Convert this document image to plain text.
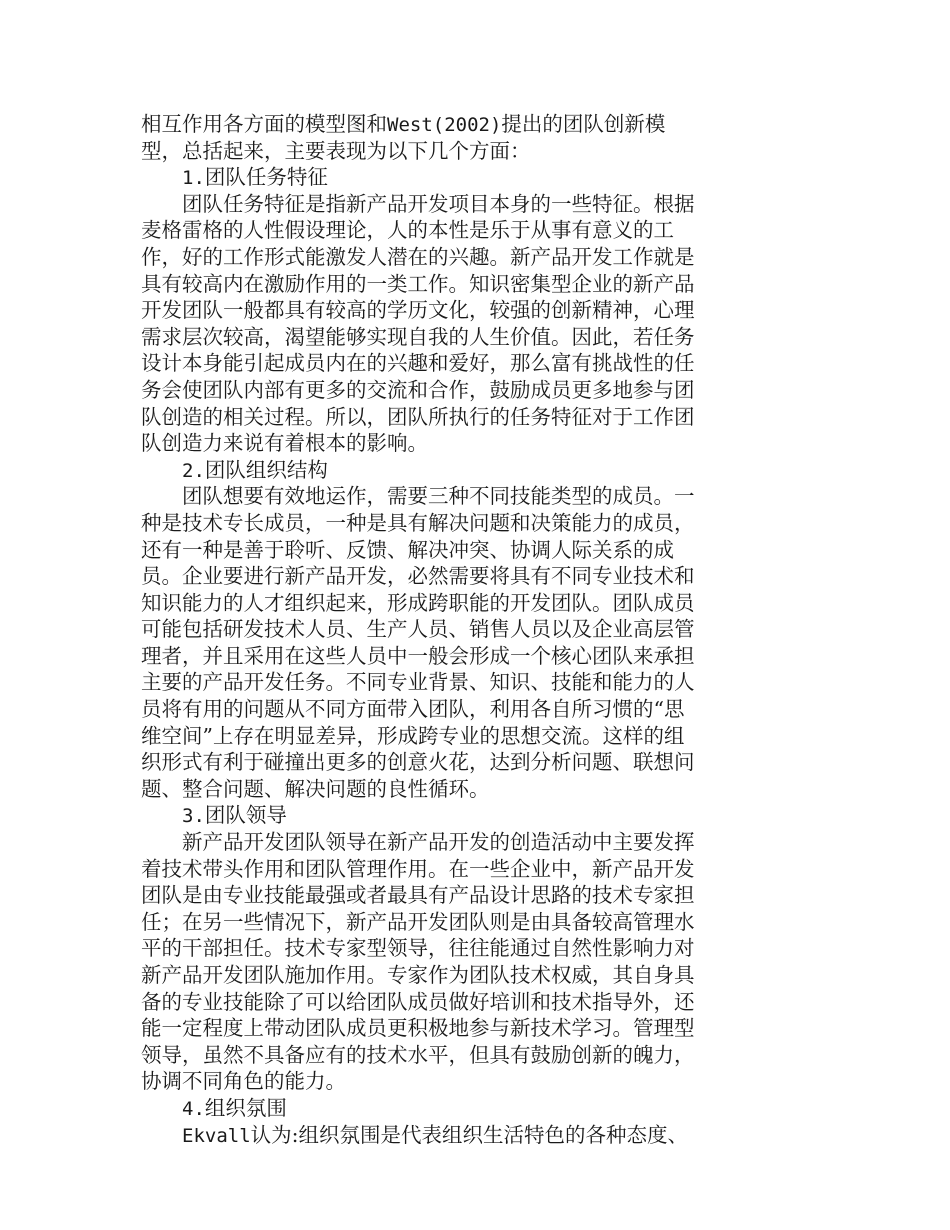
相互作用各方面的模型图和West(2002)提出的团队创新模
型，总括起来，主要表现为以下几个方面：
1.团队任务特征
团队任务特征是指新产品开发项目本身的一些特征。根据
麦格雷格的人性假设理论，人的本性是乐于从事有意义的工
作，好的工作形式能激发人潜在的兴趣。新产品开发工作就是
具有较高内在激励作用的一类工作。知识密集型企业的新产品
开发团队一般都具有较高的学历文化，较强的创新精神，心理
需求层次较高，渴望能够实现自我的人生价值。因此，若任务
设计本身能引起成员内在的兴趣和爱好，那么富有挑战性的任
务会使团队内部有更多的交流和合作，鼓励成员更多地参与团
队创造的相关过程。所以，团队所执行的任务特征对于工作团
队创造力来说有着根本的影响。
2.团队组织结构
团队想要有效地运作，需要三种不同技能类型的成员。一
种是技术专长成员，一种是具有解决问题和决策能力的成员，
还有一种是善于聆听、反馈、解决冲突、协调人际关系的成
员。企业要进行新产品开发，必然需要将具有不同专业技术和
知识能力的人才组织起来，形成跨职能的开发团队。团队成员
可能包括研发技术人员、生产人员、销售人员以及企业高层管
理者，并且采用在这些人员中一般会形成一个核心团队来承担
主要的产品开发任务。不同专业背景、知识、技能和能力的人
员将有用的问题从不同方面带入团队，利用各自所习惯的“思
维空间”上存在明显差异，形成跨专业的思想交流。这样的组
织形式有利于碰撞出更多的创意火花，达到分析问题、联想问
题、整合问题、解决问题的良性循环。
3.团队领导
新产品开发团队领导在新产品开发的创造活动中主要发挥
着技术带头作用和团队管理作用。在一些企业中，新产品开发
团队是由专业技能最强或者最具有产品设计思路的技术专家担
任；在另一些情况下，新产品开发团队则是由具备较高管理水
平的干部担任。技术专家型领导，往往能通过自然性影响力对
新产品开发团队施加作用。专家作为团队技术权威，其自身具
备的专业技能除了可以给团队成员做好培训和技术指导外，还
能一定程度上带动团队成员更积极地参与新技术学习。管理型
领导，虽然不具备应有的技术水平，但具有鼓励创新的魄力，
协调不同角色的能力。
4.组织氛围
Ekvall认为:组织氛围是代表组织生活特色的各种态度、
